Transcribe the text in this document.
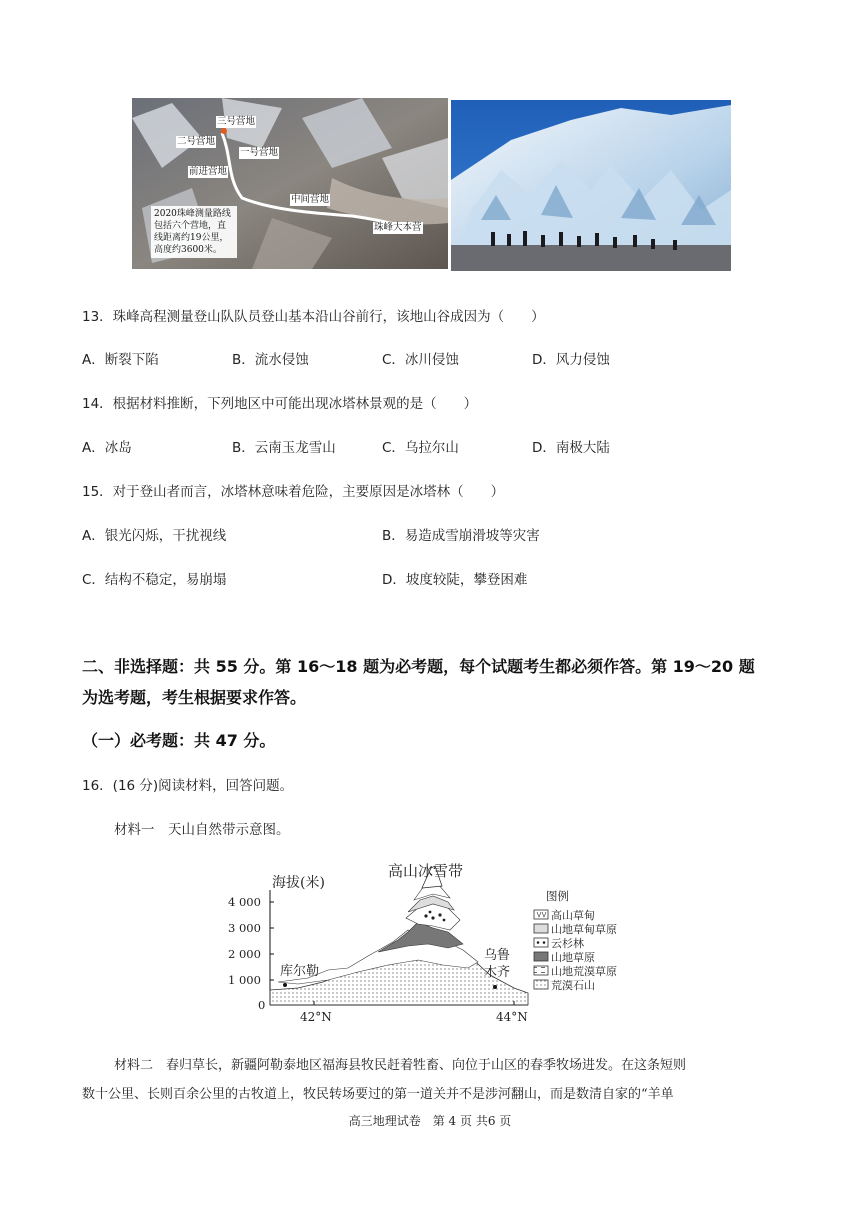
三号营地
二号营地
一号营地
前进营地
中间营地
珠峰大本营
2020珠峰测量路线包括六个营地，直线距离约19公里，高度约3600米。
13．珠峰高程测量登山队队员登山基本沿山谷前行，该地山谷成因为（　　）
A．断裂下陷	B．流水侵蚀	C．冰川侵蚀	D．风力侵蚀
14．根据材料推断，下列地区中可能出现冰塔林景观的是（　　）
A．冰岛	B．云南玉龙雪山	C．乌拉尔山	D．南极大陆
15．对于登山者而言，冰塔林意味着危险，主要原因是冰塔林（　　）
A．银光闪烁，干扰视线	B．易造成雪崩滑坡等灾害
C．结构不稳定，易崩塌	D．坡度较陡，攀登困难
二、非选择题：共 55 分。第 16～18 题为必考题，每个试题考生都必须作答。第 19～20 题
为选考题，考生根据要求作答。
（一）必考题：共 47 分。
16．(16 分)阅读材料，回答问题。
材料一　天山自然带示意图。
海拔(米)
4 000
3 000
2 000
1 000
0
42°N	44°N
高山冰雪带
库尔勒
乌鲁
木齐
图例
高山草甸
山地草甸草原
云杉林
山地草原
山地荒漠草原
荒漠石山
材料二　春归草长，新疆阿勒泰地区福海县牧民赶着牲畜、向位于山区的春季牧场进发。在这条短则
数十公里、长则百余公里的古牧道上，牧民转场要过的第一道关并不是涉河翻山，而是数清自家的“羊单
高三地理试卷　第 4 页 共6 页
